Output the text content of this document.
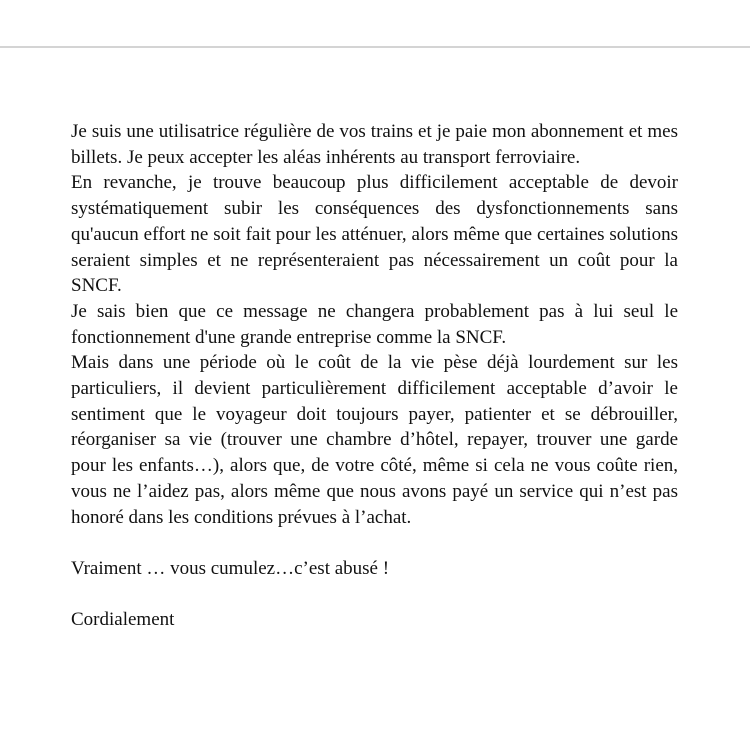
Je suis une utilisatrice régulière de vos trains et je paie mon abonnement et mes billets. Je peux accepter les aléas inhérents au transport ferroviaire.

En revanche, je trouve beaucoup plus difficilement acceptable de devoir systématiquement subir les conséquences des dysfonctionnements sans qu'aucun effort ne soit fait pour les atténuer, alors même que certaines solutions seraient simples et ne représenteraient pas nécessairement un coût pour la SNCF.

Je sais bien que ce message ne changera probablement pas à lui seul le fonctionnement d'une grande entreprise comme la SNCF.

Mais dans une période où le coût de la vie pèse déjà lourdement sur les particuliers, il devient particulièrement difficilement acceptable d’avoir le sentiment que le voyageur doit toujours payer, patienter et se débrouiller, réorganiser sa vie (trouver une chambre d’hôtel, repayer, trouver une garde pour les enfants…), alors que, de votre côté, même si cela ne vous coûte rien, vous ne l’aidez pas, alors même que nous avons payé un service qui n’est pas honoré dans les conditions prévues à l’achat.

Vraiment … vous cumulez…c’est abusé !

Cordialement
